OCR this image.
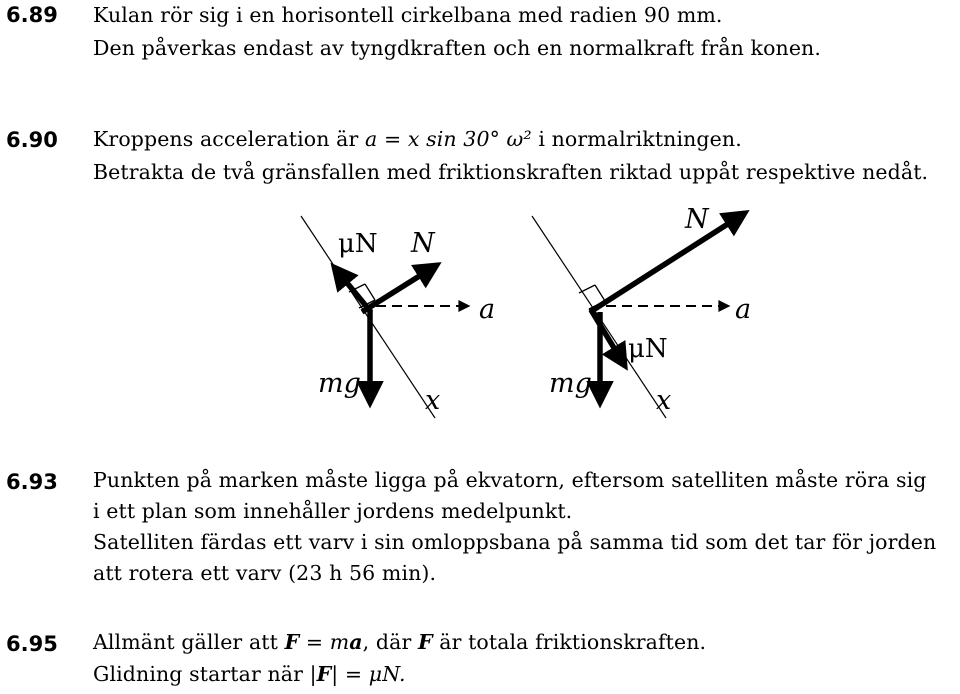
6.89 Kulan rör sig i en horisontell cirkelbana med radien 90 mm.
Den påverkas endast av tyngdkraften och en normalkraft från konen.
6.90 Kroppens acceleration är a = x sin 30° ω² i normalriktningen.
Betrakta de två gränsfallen med friktionskraften riktad uppåt respektive nedåt.
μN N
a
mg
x
N
a
μN
mg
x
6.93 Punkten på marken måste ligga på ekvatorn, eftersom satelliten måste röra sig
i ett plan som innehåller jordens medelpunkt.
Satelliten färdas ett varv i sin omloppsbana på samma tid som det tar för jorden
att rotera ett varv (23 h 56 min).
6.95 Allmänt gäller att F = ma, där F är totala friktionskraften.
Glidning startar när |F| = μN.
